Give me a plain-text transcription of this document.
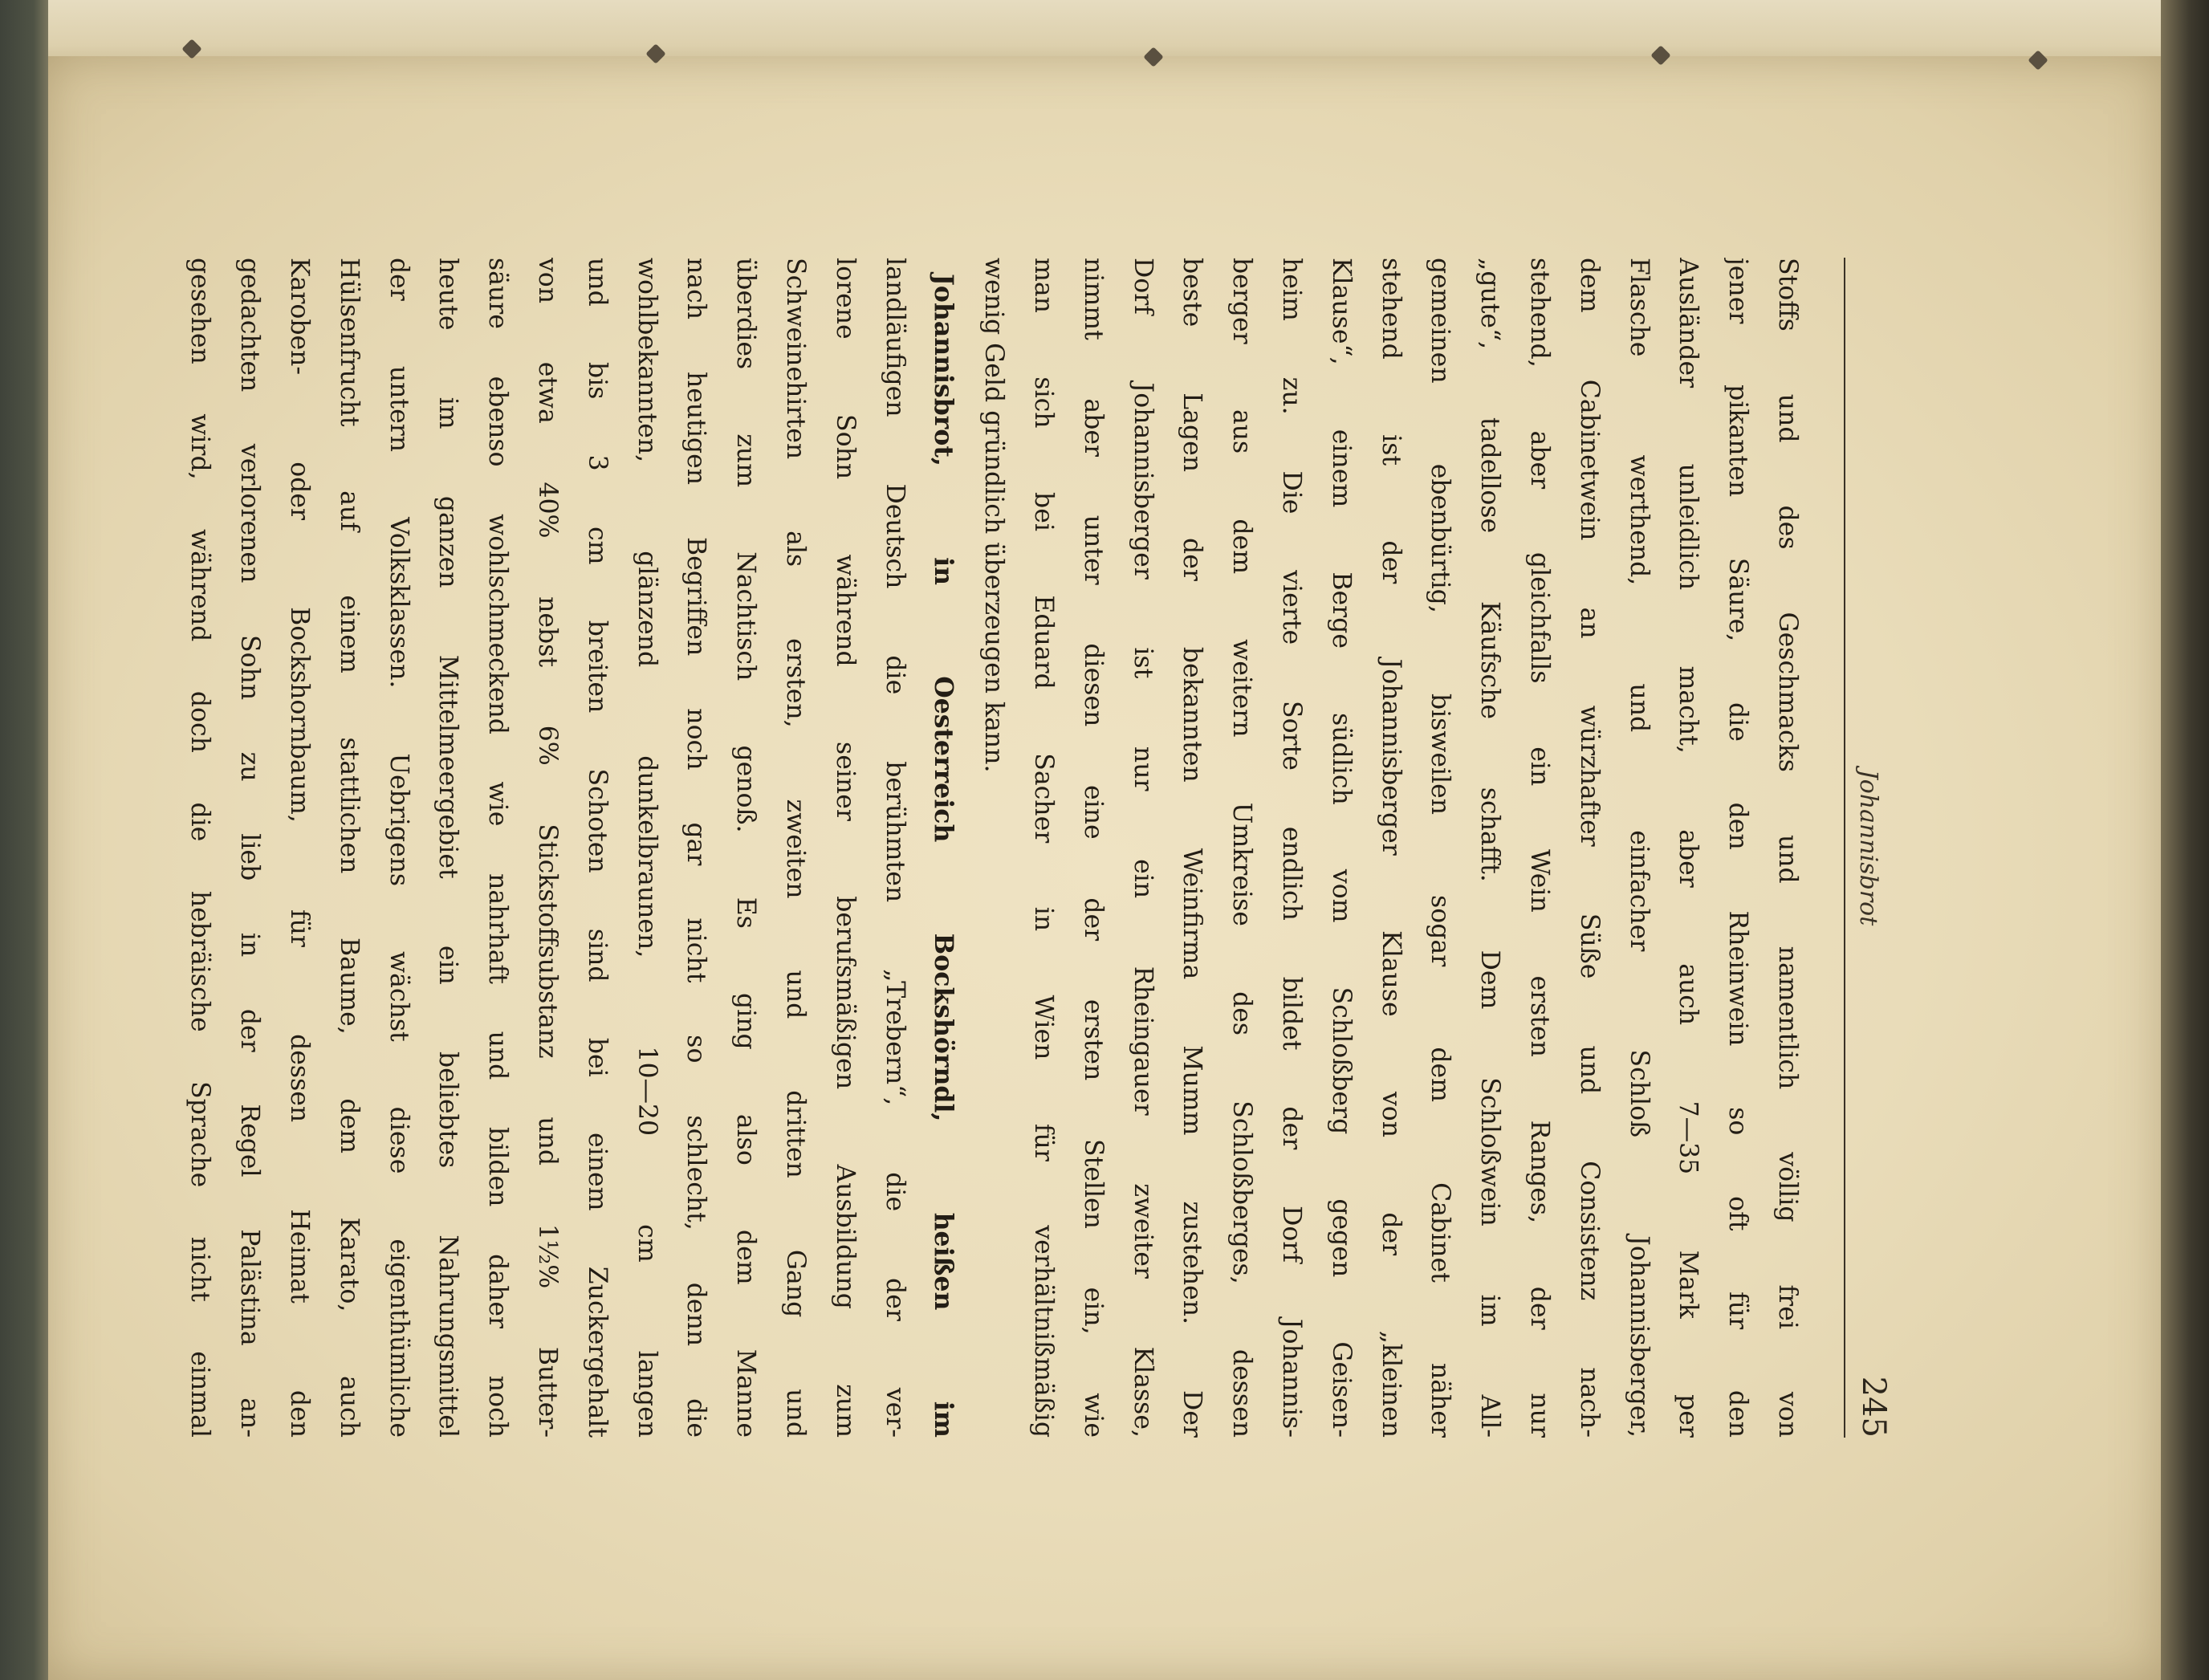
Johannisbrot
245
Stoffs und des Geschmacks und namentlich völlig frei von
jener pikanten Säure, die den Rheinwein so oft für den
Ausländer unleidlich macht, aber auch 7—35 Mark per
Flasche werthend, und einfacher Schloß Johannisberger,
dem Cabinetwein an würzhafter Süße und Consistenz nach-
stehend, aber gleichfalls ein Wein ersten Ranges, der nur
„gute“, tadellose Käufsche schafft. Dem Schloßwein im All-
gemeinen ebenbürtig, bisweilen sogar dem Cabinet näher
stehend ist der Johannisberger Klause von der „kleinen
Klause“, einem Berge südlich vom Schloßberg gegen Geisen-
heim zu. Die vierte Sorte endlich bildet der Dorf Johannis-
berger aus dem weitern Umkreise des Schloßberges, dessen
beste Lagen der bekannten Weinfirma Mumm zustehen. Der
Dorf Johannisberger ist nur ein Rheingauer zweiter Klasse,
nimmt aber unter diesen eine der ersten Stellen ein, wie
man sich bei Eduard Sacher in Wien für verhältnißmäßig
wenig Geld gründlich überzeugen kann.
Johannisbrot, in Oesterreich Bockshörndl, heißen im
landläufigen Deutsch die berühmten „Trebern“, die der ver-
lorene Sohn während seiner berufsmäßigen Ausbildung zum
Schweinehirten als ersten, zweiten und dritten Gang und
überdies zum Nachtisch genoß. Es ging also dem Manne
nach heutigen Begriffen noch gar nicht so schlecht, denn die
wohlbekannten, glänzend dunkelbraunen, 10—20 cm langen
und bis 3 cm breiten Schoten sind bei einem Zuckergehalt
von etwa 40% nebst 6% Stickstoffsubstanz und 1½% Butter-
säure ebenso wohlschmeckend wie nahrhaft und bilden daher noch
heute im ganzen Mittelmeergebiet ein beliebtes Nahrungsmittel
der untern Volksklassen. Uebrigens wächst diese eigenthümliche
Hülsenfrucht auf einem stattlichen Baume, dem Karato, auch
Karoben- oder Bockshornbaum, für dessen Heimat den
gedachten verlorenen Sohn zu lieb in der Regel Palästina an-
gesehen wird, während doch die hebräische Sprache nicht einmal
